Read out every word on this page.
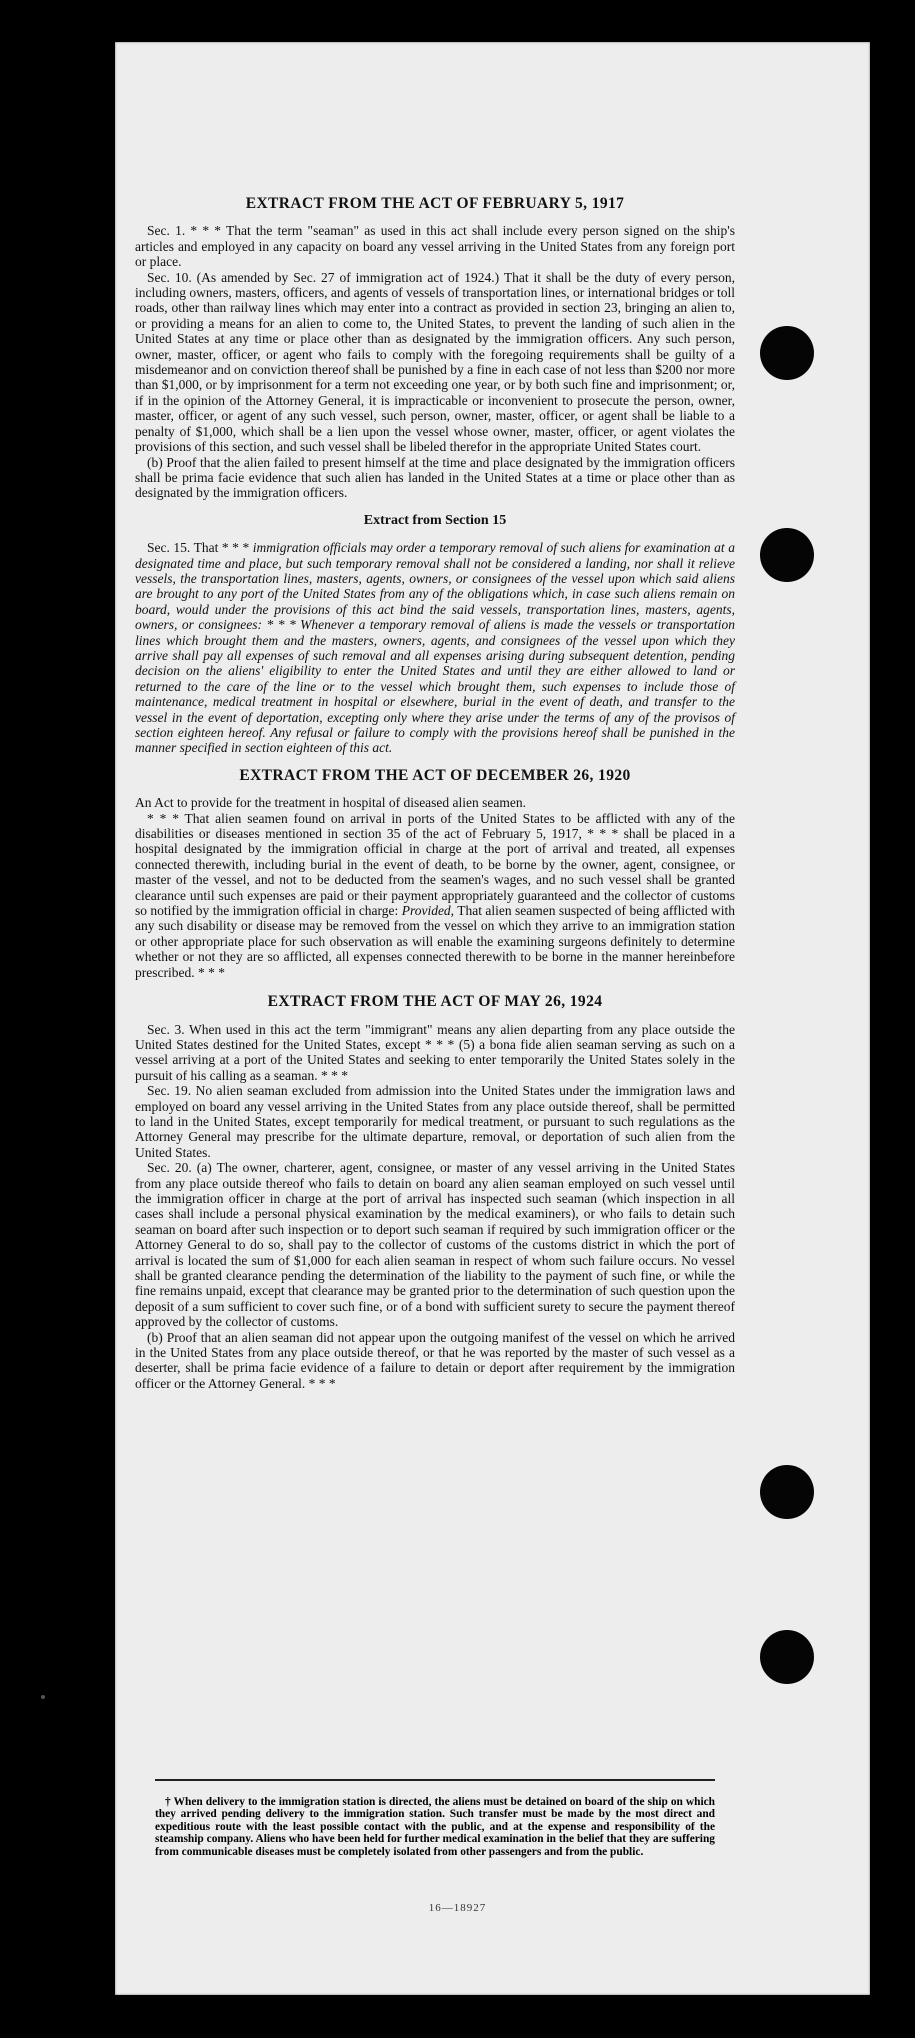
EXTRACT FROM THE ACT OF FEBRUARY 5, 1917

Sec. 1. * * * That the term "seaman" as used in this act shall include every person signed on the ship's articles and employed in any capacity on board any vessel arriving in the United States from any foreign port or place.

Sec. 10. (As amended by Sec. 27 of immigration act of 1924.) That it shall be the duty of every person, including owners, masters, officers, and agents of vessels of transportation lines, or international bridges or toll roads, other than railway lines which may enter into a contract as provided in section 23, bringing an alien to, or providing a means for an alien to come to, the United States, to prevent the landing of such alien in the United States at any time or place other than as designated by the immigration officers. Any such person, owner, master, officer, or agent who fails to comply with the foregoing requirements shall be guilty of a misdemeanor and on conviction thereof shall be punished by a fine in each case of not less than $200 nor more than $1,000, or by imprisonment for a term not exceeding one year, or by both such fine and imprisonment; or, if in the opinion of the Attorney General, it is impracticable or inconvenient to prosecute the person, owner, master, officer, or agent of any such vessel, such person, owner, master, officer, or agent shall be liable to a penalty of $1,000, which shall be a lien upon the vessel whose owner, master, officer, or agent violates the provisions of this section, and such vessel shall be libeled therefor in the appropriate United States court.

(b) Proof that the alien failed to present himself at the time and place designated by the immigration officers shall be prima facie evidence that such alien has landed in the United States at a time or place other than as designated by the immigration officers.

Extract from Section 15

Sec. 15. That * * * immigration officials may order a temporary removal of such aliens for examination at a designated time and place, but such temporary removal shall not be considered a landing, nor shall it relieve vessels, the transportation lines, masters, agents, owners, or consignees of the vessel upon which said aliens are brought to any port of the United States from any of the obligations which, in case such aliens remain on board, would under the provisions of this act bind the said vessels, transportation lines, masters, agents, owners, or consignees: * * * Whenever a temporary removal of aliens is made the vessels or transportation lines which brought them and the masters, owners, agents, and consignees of the vessel upon which they arrive shall pay all expenses of such removal and all expenses arising during subsequent detention, pending decision on the aliens' eligibility to enter the United States and until they are either allowed to land or returned to the care of the line or to the vessel which brought them, such expenses to include those of maintenance, medical treatment in hospital or elsewhere, burial in the event of death, and transfer to the vessel in the event of deportation, excepting only where they arise under the terms of any of the provisos of section eighteen hereof. Any refusal or failure to comply with the provisions hereof shall be punished in the manner specified in section eighteen of this act.

EXTRACT FROM THE ACT OF DECEMBER 26, 1920

An Act to provide for the treatment in hospital of diseased alien seamen.

* * * That alien seamen found on arrival in ports of the United States to be afflicted with any of the disabilities or diseases mentioned in section 35 of the act of February 5, 1917, * * * shall be placed in a hospital designated by the immigration official in charge at the port of arrival and treated, all expenses connected therewith, including burial in the event of death, to be borne by the owner, agent, consignee, or master of the vessel, and not to be deducted from the seamen's wages, and no such vessel shall be granted clearance until such expenses are paid or their payment appropriately guaranteed and the collector of customs so notified by the immigration official in charge: Provided, That alien seamen suspected of being afflicted with any such disability or disease may be removed from the vessel on which they arrive to an immigration station or other appropriate place for such observation as will enable the examining surgeons definitely to determine whether or not they are so afflicted, all expenses connected therewith to be borne in the manner hereinbefore prescribed. * * *

EXTRACT FROM THE ACT OF MAY 26, 1924

Sec. 3. When used in this act the term "immigrant" means any alien departing from any place outside the United States destined for the United States, except * * * (5) a bona fide alien seaman serving as such on a vessel arriving at a port of the United States and seeking to enter temporarily the United States solely in the pursuit of his calling as a seaman. * * *

Sec. 19. No alien seaman excluded from admission into the United States under the immigration laws and employed on board any vessel arriving in the United States from any place outside thereof, shall be permitted to land in the United States, except temporarily for medical treatment, or pursuant to such regulations as the Attorney General may prescribe for the ultimate departure, removal, or deportation of such alien from the United States.

Sec. 20. (a) The owner, charterer, agent, consignee, or master of any vessel arriving in the United States from any place outside thereof who fails to detain on board any alien seaman employed on such vessel until the immigration officer in charge at the port of arrival has inspected such seaman (which inspection in all cases shall include a personal physical examination by the medical examiners), or who fails to detain such seaman on board after such inspection or to deport such seaman if required by such immigration officer or the Attorney General to do so, shall pay to the collector of customs of the customs district in which the port of arrival is located the sum of $1,000 for each alien seaman in respect of whom such failure occurs. No vessel shall be granted clearance pending the determination of the liability to the payment of such fine, or while the fine remains unpaid, except that clearance may be granted prior to the determination of such question upon the deposit of a sum sufficient to cover such fine, or of a bond with sufficient surety to secure the payment thereof approved by the collector of customs.

(b) Proof that an alien seaman did not appear upon the outgoing manifest of the vessel on which he arrived in the United States from any place outside thereof, or that he was reported by the master of such vessel as a deserter, shall be prima facie evidence of a failure to detain or deport after requirement by the immigration officer or the Attorney General. * * *

† When delivery to the immigration station is directed, the aliens must be detained on board of the ship on which they arrived pending delivery to the immigration station. Such transfer must be made by the most direct and expeditious route with the least possible contact with the public, and at the expense and responsibility of the steamship company. Aliens who have been held for further medical examination in the belief that they are suffering from communicable diseases must be completely isolated from other passengers and from the public.

16—18927
